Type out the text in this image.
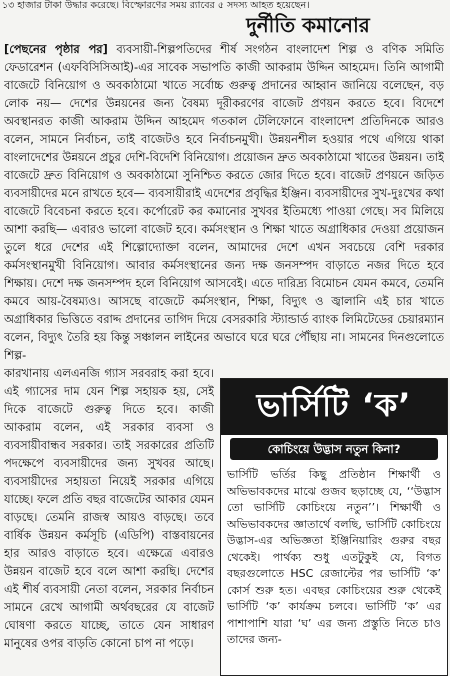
১৩ হাজার টাকা উদ্ধার করেছে। বিস্ফোরণের সময় র‍্যাবের ৫ সদস্য আহত হয়েছেন।
দুর্নীতি কমানোর

[পেছনের পৃষ্ঠার পর] ব্যবসায়ী-শিল্পপতিদের শীর্ষ সংগঠন বাংলাদেশ শিল্প ও বণিক সমিতি ফেডারেশন (এফবিসিসিআই)-এর সাবেক সভাপতি কাজী আকরাম উদ্দিন আহমেদ। তিনি আগামী বাজেটে বিনিয়োগ ও অবকাঠামো খাতে সর্বোচ্চ গুরুত্ব প্রদানের আহ্বান জানিয়ে বলেছেন, বড় লোক নয়— দেশের উন্নয়নের জন্য বৈষম্য দূরীকরণের বাজেট প্রণয়ন করতে হবে। বিদেশে অবস্থানরত কাজী আকরাম উদ্দিন আহমেদ গতকাল টেলিফোনে বাংলাদেশ প্রতিদিনকে আরও বলেন, সামনে নির্বাচন, তাই বাজেটও হবে নির্বাচনমুখী। উন্নয়নশীল হওয়ার পথে এগিয়ে থাকা বাংলাদেশের উন্নয়নে প্রচুর দেশি-বিদেশি বিনিয়োগ। প্রয়োজন দ্রুত অবকাঠামো খাতের উন্নয়ন। তাই বাজেটে দ্রুত বিনিয়োগ ও অবকাঠামো সুনিশ্চিত করতে জোর দিতে হবে। বাজেট প্রণয়নে জড়িত ব্যবসায়ীদের মনে রাখতে হবে— ব্যবসায়ীরাই এদেশের প্রবৃদ্ধির ইঞ্জিন। ব্যবসায়ীদের সুখ-দুঃখের কথা বাজেটে বিবেচনা করতে হবে। কর্পোরেট কর কমানোর সুখবর ইতিমধ্যে পাওয়া গেছে। সব মিলিয়ে আশা করছি— এবারও ভালো বাজেট হবে। কর্মসংস্থান ও শিক্ষা খাতে অগ্রাধিকার দেওয়া প্রয়োজন তুলে ধরে দেশের এই শিল্পোদ্যোক্তা বলেন, আমাদের দেশে এখন সবচেয়ে বেশি দরকার কর্মসংস্থানমুখী বিনিয়োগ। আবার কর্মসংস্থানের জন্য দক্ষ জনসম্পদ বাড়াতে নজর দিতে হবে শিক্ষায়। দেশে দক্ষ জনসম্পদ হলে বিনিয়োগ আসবেই। এতে দারিদ্র্য বিমোচন যেমন কমবে, তেমনি কমবে আয়-বৈষম্যও। আসছে বাজেটে কর্মসংস্থান, শিক্ষা, বিদ্যুৎ ও জ্বালানি এই চার খাতে অগ্রাধিকার ভিত্তিতে বরাদ্দ প্রদানের তাগিদ দিয়ে বেসরকারি স্ট্যান্ডার্ড ব্যাংক লিমিটেডের চেয়ারম্যান বলেন, বিদ্যুৎ তৈরি হয় কিন্তু সঞ্চালন লাইনের অভাবে ঘরে ঘরে পৌঁছায় না। সামনের দিনগুলোতে শিল্প-

কারখানায় এলএনজি গ্যাস সরবরাহ করা হবে। এই গ্যাসের দাম যেন শিল্প সহায়ক হয়, সেই দিকে বাজেটে গুরুত্ব দিতে হবে। কাজী আকরাম বলেন, এই সরকার ব্যবসা ও ব্যবসায়ীবান্ধব সরকার। তাই সরকারের প্রতিটি পদক্ষেপে ব্যবসায়ীদের জন্য সুখবর আছে। ব্যবসায়ীদের সহায়তা নিয়েই সরকার এগিয়ে যাচ্ছে। ফলে প্রতি বছর বাজেটের আকার যেমন বাড়ছে। তেমনি রাজস্ব আয়ও বাড়ছে। তবে বার্ষিক উন্নয়ন কর্মসূচি (এডিপি) বাস্তবায়নের হার আরও বাড়াতে হবে। এক্ষেত্রে এবারও উন্নয়ন বাজেট হবে বলে আশা করছি। দেশের এই শীর্ষ ব্যবসায়ী নেতা বলেন, সরকার নির্বাচন সামনে রেখে আগামী অর্থবছরের যে বাজেট ঘোষণা করতে যাচ্ছে, তাতে যেন সাধারণ মানুষের ওপর বাড়তি কোনো চাপ না পড়ে।

ভার্সিটি ‘ক’
কোচিংয়ে উদ্ভাস নতুন কিনা?

ভার্সিটি ভর্তির কিছু প্রতিষ্ঠান শিক্ষার্থী ও অভিভাবকদের মাঝে গুজব ছড়াচ্ছে যে, ‘‘উদ্ভাস তো ভার্সিটি কোচিংয়ে নতুন’’। শিক্ষার্থী ও অভিভাবকদের জ্ঞাতার্থে বলছি, ভার্সিটি কোচিংয়ে উদ্ভাস-এর অভিজ্ঞতা ইঞ্জিনিয়ারিং গুরুর বছর থেকেই। পার্থক্য শুধু এতটুকুই যে, বিগত বছরগুলোতে HSC রেজাল্টের পর ভার্সিটি ‘ক’ কোর্স শুরু হত। এবছর কোচিংয়ের শুরু থেকেই ভার্সিটি ‘ক’ কার্যক্রম চলবে। ভার্সিটি ‘ক’ এর পাশাপাশি যারা ‘ঘ’ এর জন্য প্রস্তুতি নিতে চাও তাদের জন্য-
